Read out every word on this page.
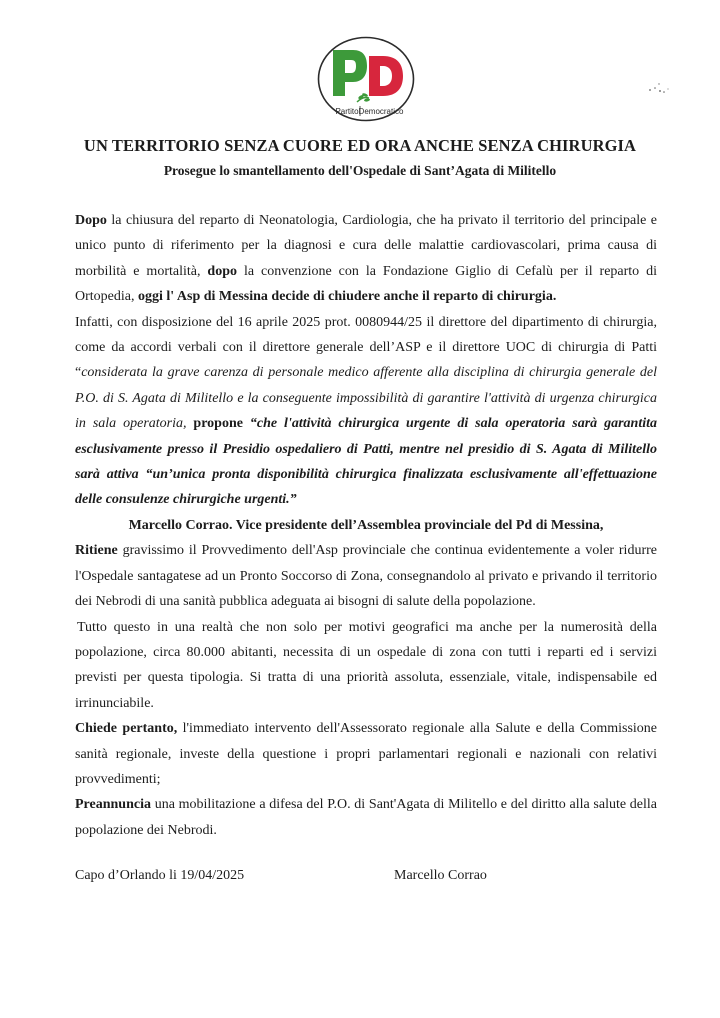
Partito Democratico
UN TERRITORIO SENZA CUORE ED ORA ANCHE SENZA CHIRURGIA
Prosegue lo smantellamento dell'Ospedale di Sant’Agata di Militello

Dopo la chiusura del reparto di Neonatologia, Cardiologia, che ha privato il territorio del principale e unico punto di riferimento per la diagnosi e cura delle malattie cardiovascolari, prima causa di morbilità e mortalità, dopo la convenzione con la Fondazione Giglio di Cefalù per il reparto di Ortopedia, oggi l' Asp di Messina decide di chiudere anche il reparto di chirurgia.

Infatti, con disposizione del 16 aprile 2025 prot. 0080944/25 il direttore del dipartimento di chirurgia, come da accordi verbali con il direttore generale dell’ASP e il direttore UOC di chirurgia di Patti “considerata la grave carenza di personale medico afferente alla disciplina di chirurgia generale del P.O. di S. Agata di Militello e la conseguente impossibilità di garantire l'attività di urgenza chirurgica in sala operatoria, propone “che l'attività chirurgica urgente di sala operatoria sarà garantita esclusivamente presso il Presidio ospedaliero di Patti, mentre nel presidio di S. Agata di Militello sarà attiva “un’unica pronta disponibilità chirurgica finalizzata esclusivamente all'effettuazione delle consulenze chirurgiche urgenti.”

Marcello Corrao. Vice presidente dell’Assemblea provinciale del Pd di Messina,

Ritiene gravissimo il Provvedimento dell'Asp provinciale che continua evidentemente a voler ridurre l'Ospedale santagatese ad un Pronto Soccorso di Zona, consegnandolo al privato e privando il territorio dei Nebrodi di una sanità pubblica adeguata ai bisogni di salute della popolazione.

Tutto questo in una realtà che non solo per motivi geografici ma anche per la numerosità della popolazione, circa 80.000 abitanti, necessita di un ospedale di zona con tutti i reparti ed i servizi previsti per questa tipologia. Si tratta di una priorità assoluta, essenziale, vitale, indispensabile ed irrinunciabile.

Chiede pertanto, l'immediato intervento dell'Assessorato regionale alla Salute e della Commissione sanità regionale, investe della questione i propri parlamentari regionali e nazionali con relativi provvedimenti;

Preannuncia una mobilitazione a difesa del P.O. di Sant'Agata di Militello e del diritto alla salute della popolazione dei Nebrodi.

Capo d’Orlando li 19/04/2025	Marcello Corrao
